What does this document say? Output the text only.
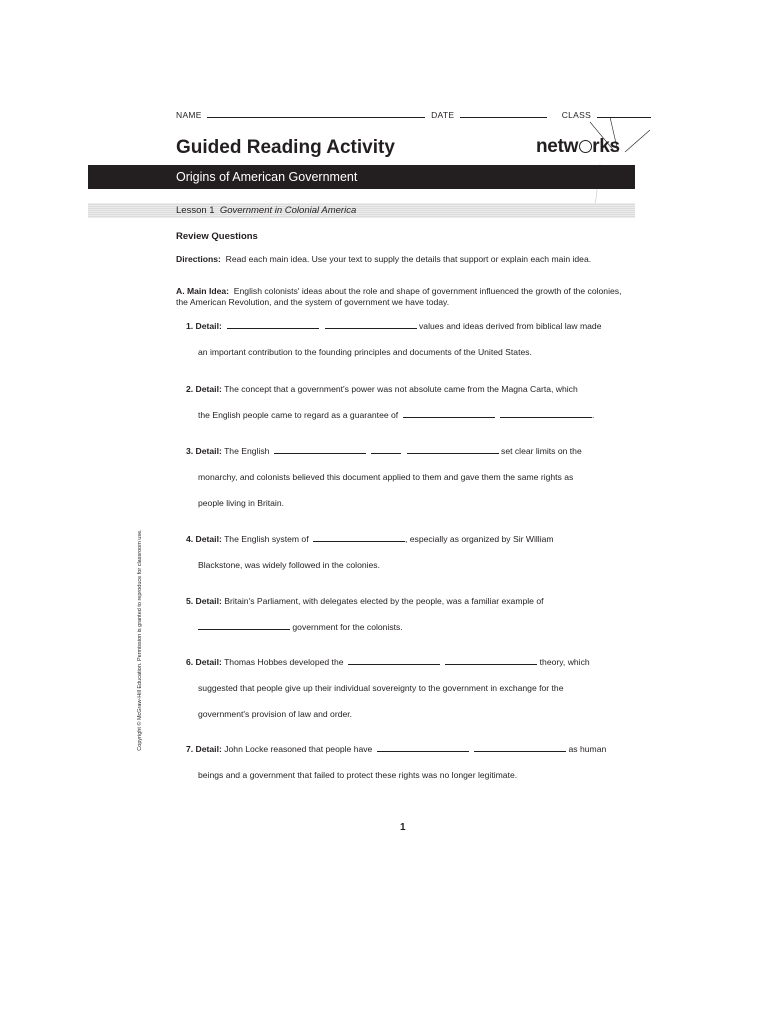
NAME	DATE	CLASS
Guided Reading Activity	netw rks
Origins of American Government
Lesson 1 Government in Colonial America
Review Questions
Directions: Read each main idea. Use your text to supply the details that support or explain each main idea.
A. Main Idea: English colonists' ideas about the role and shape of government influenced the growth of the colonies, the American Revolution, and the system of government we have today.
1. Detail:	values and ideas derived from biblical law made
an important contribution to the founding principles and documents of the United States.
2. Detail: The concept that a government's power was not absolute came from the Magna Carta, which
the English people came to regard as a guarantee of	.
3. Detail: The English	set clear limits on the
monarchy, and colonists believed this document applied to them and gave them the same rights as
people living in Britain.
4. Detail: The English system of	, especially as organized by Sir William
Blackstone, was widely followed in the colonies.
5. Detail: Britain's Parliament, with delegates elected by the people, was a familiar example of
government for the colonists.
6. Detail: Thomas Hobbes developed the	theory, which
suggested that people give up their individual sovereignty to the government in exchange for the
government's provision of law and order.
7. Detail: John Locke reasoned that people have	as human
beings and a government that failed to protect these rights was no longer legitimate.
Copyright © McGraw-Hill Education. Permission is granted to reproduce for classroom use.
1
